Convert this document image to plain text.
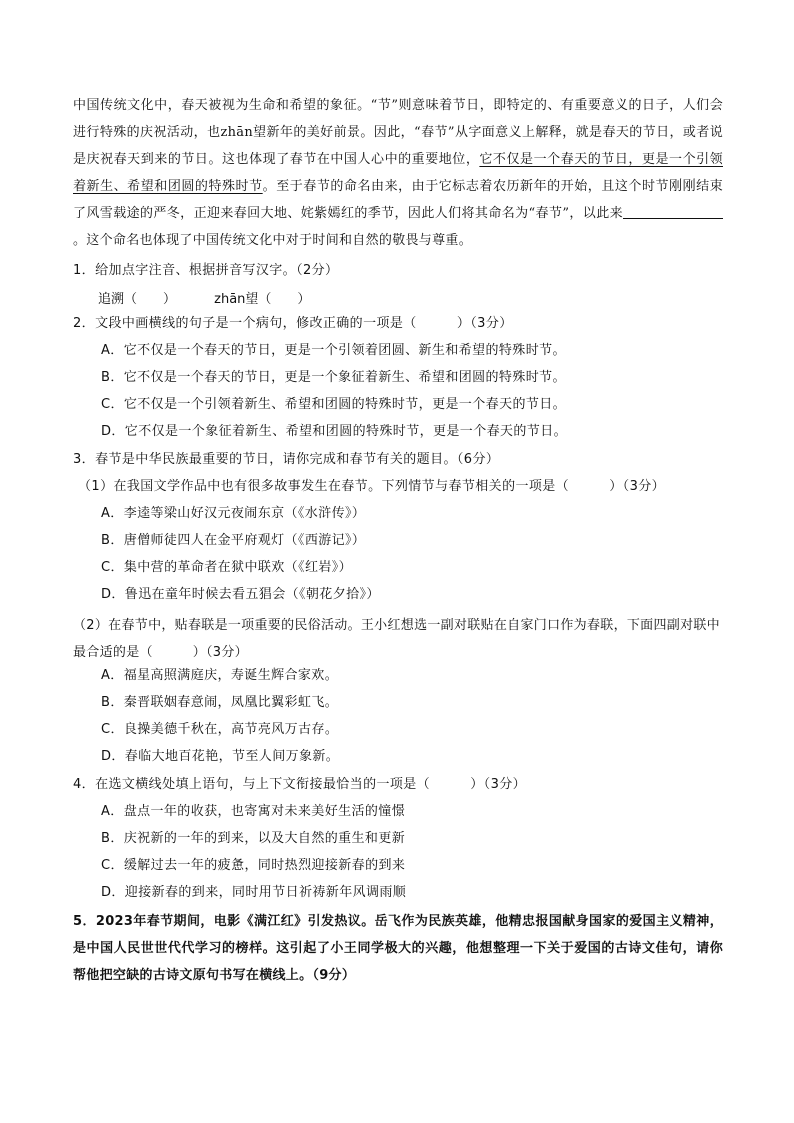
中国传统文化中，春天被视为生命和希望的象征。“节”则意味着节日，即特定的、有重要意义的日子，人们会进行特殊的庆祝活动，也zhān望新年的美好前景。因此，“春节”从字面意义上解释，就是春天的节日，或者说是庆祝春天到来的节日。这也体现了春节在中国人心中的重要地位，它不仅是一个春天的节日，更是一个引领着新生、希望和团圆的特殊时节。至于春节的命名由来，由于它标志着农历新年的开始，且这个时节刚刚结束了风雪载途的严冬，正迎来春回大地、姹紫嫣红的季节，因此人们将其命名为“春节”，以此来。这个命名也体现了中国传统文化中对于时间和自然的敬畏与尊重。
1．给加点字注音、根据拼音写汉字。（2分）
追溯（　　）	zhān望（　　）
2．文段中画横线的句子是一个病句，修改正确的一项是（　　　）（3分）
A．它不仅是一个春天的节日，更是一个引领着团圆、新生和希望的特殊时节。
B．它不仅是一个春天的节日，更是一个象征着新生、希望和团圆的特殊时节。
C．它不仅是一个引领着新生、希望和团圆的特殊时节，更是一个春天的节日。
D．它不仅是一个象征着新生、希望和团圆的特殊时节，更是一个春天的节日。
3．春节是中华民族最重要的节日，请你完成和春节有关的题目。（6分）
（1）在我国文学作品中也有很多故事发生在春节。下列情节与春节相关的一项是（　　　）（3分）
A．李逵等梁山好汉元夜闹东京（《水浒传》）
B．唐僧师徒四人在金平府观灯（《西游记》）
C．集中营的革命者在狱中联欢（《红岩》）
D．鲁迅在童年时候去看五猖会（《朝花夕拾》）
（2）在春节中，贴春联是一项重要的民俗活动。王小红想选一副对联贴在自家门口作为春联，下面四副对联中最合适的是（　　　）（3分）
A．福星高照满庭庆，寿诞生辉合家欢。
B．秦晋联姻春意闹，凤凰比翼彩虹飞。
C．良操美德千秋在，高节亮风万古存。
D．春临大地百花艳，节至人间万象新。
4．在选文横线处填上语句，与上下文衔接最恰当的一项是（　　　）（3分）
A．盘点一年的收获，也寄寓对未来美好生活的憧憬
B．庆祝新的一年的到来，以及大自然的重生和更新
C．缓解过去一年的疲惫，同时热烈迎接新春的到来
D．迎接新春的到来，同时用节日祈祷新年风调雨顺
5．2023年春节期间，电影《满江红》引发热议。岳飞作为民族英雄，他精忠报国献身国家的爱国主义精神，是中国人民世世代代学习的榜样。这引起了小王同学极大的兴趣，他想整理一下关于爱国的古诗文佳句，请你帮他把空缺的古诗文原句书写在横线上。（9分）
